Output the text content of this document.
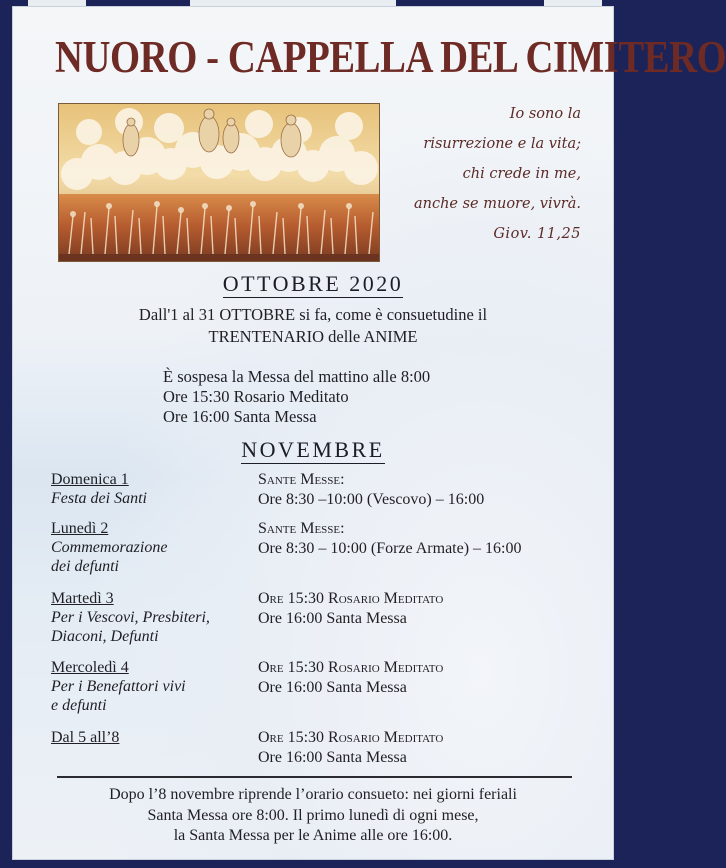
NUORO - CAPPELLA DEL CIMITERO
Io sono la
risurrezione e la vita;
chi crede in me,
anche se muore, vivrà.
Giov. 11,25
OTTOBRE 2020
Dall'1 al 31 OTTOBRE si fa, come è consuetudine il
TRENTENARIO delle ANIME
È sospesa la Messa del mattino alle 8:00
Ore 15:30 Rosario Meditato
Ore 16:00 Santa Messa
NOVEMBRE
Domenica 1
Festa dei Santi
Sante Messe:
Ore 8:30 –10:00 (Vescovo) – 16:00
Lunedì 2
Commemorazione
dei defunti
Sante Messe:
Ore 8:30 – 10:00 (Forze Armate) – 16:00
Martedì 3
Per i Vescovi, Presbiteri,
Diaconi, Defunti
Ore 15:30 Rosario Meditato
Ore 16:00 Santa Messa
Mercoledì 4
Per i Benefattori vivi
e defunti
Ore 15:30 Rosario Meditato
Ore 16:00 Santa Messa
Dal 5 all’8	Ore 15:30 Rosario Meditato
Ore 16:00 Santa Messa
Dopo l’8 novembre riprende l’orario consueto: nei giorni feriali
Santa Messa ore 8:00. Il primo lunedì di ogni mese,
la Santa Messa per le Anime alle ore 16:00.
